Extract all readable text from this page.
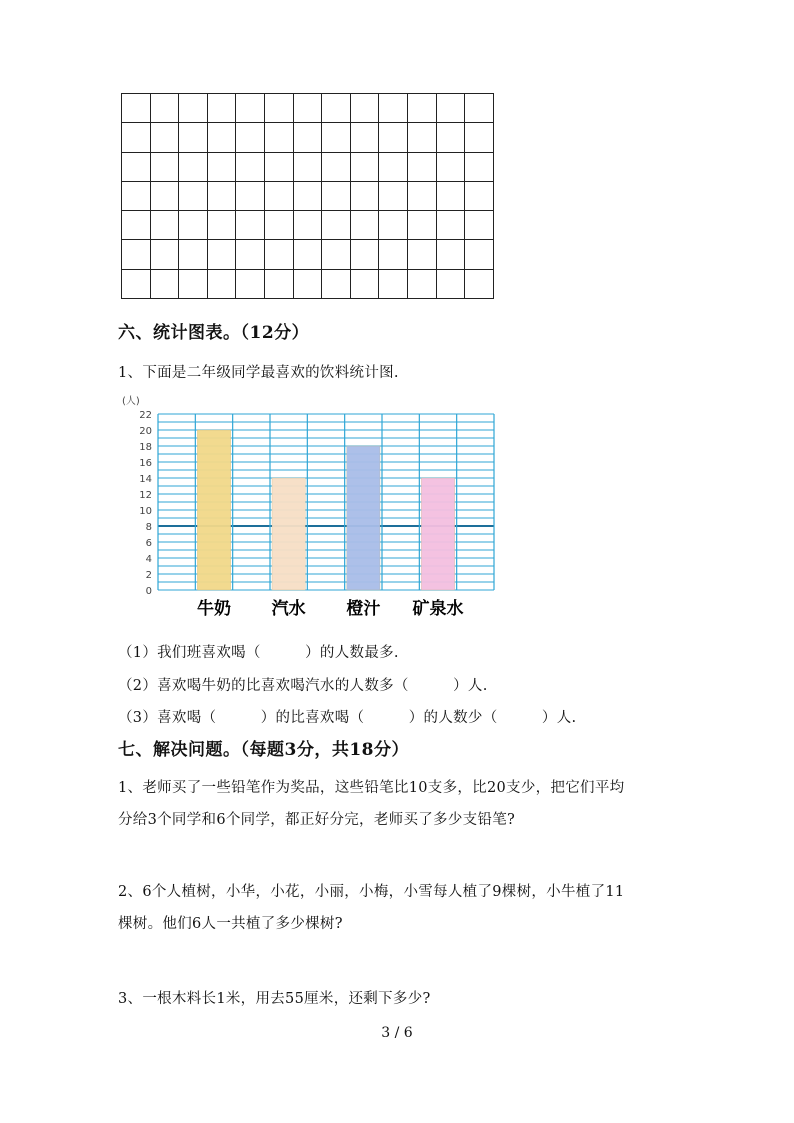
六、统计图表。（12分）
1、下面是二年级同学最喜欢的饮料统计图.
牛奶 汽水 橙汁 矿泉水
0
2
4
6
8
10
12
14
16
18
20
22
(人)
（1）我们班喜欢喝（　　　）的人数最多.
（2）喜欢喝牛奶的比喜欢喝汽水的人数多（　　　）人.
（3）喜欢喝（　　　）的比喜欢喝（　　　）的人数少（　　　）人.
七、解决问题。（每题3分，共18分）
1、老师买了一些铅笔作为奖品，这些铅笔比10支多，比20支少，把它们平均
分给3个同学和6个同学，都正好分完，老师买了多少支铅笔?
2、6个人植树，小华，小花，小丽，小梅，小雪每人植了9棵树，小牛植了11
棵树。他们6人一共植了多少棵树?
3、一根木料长1米，用去55厘米，还剩下多少?
3 / 6
